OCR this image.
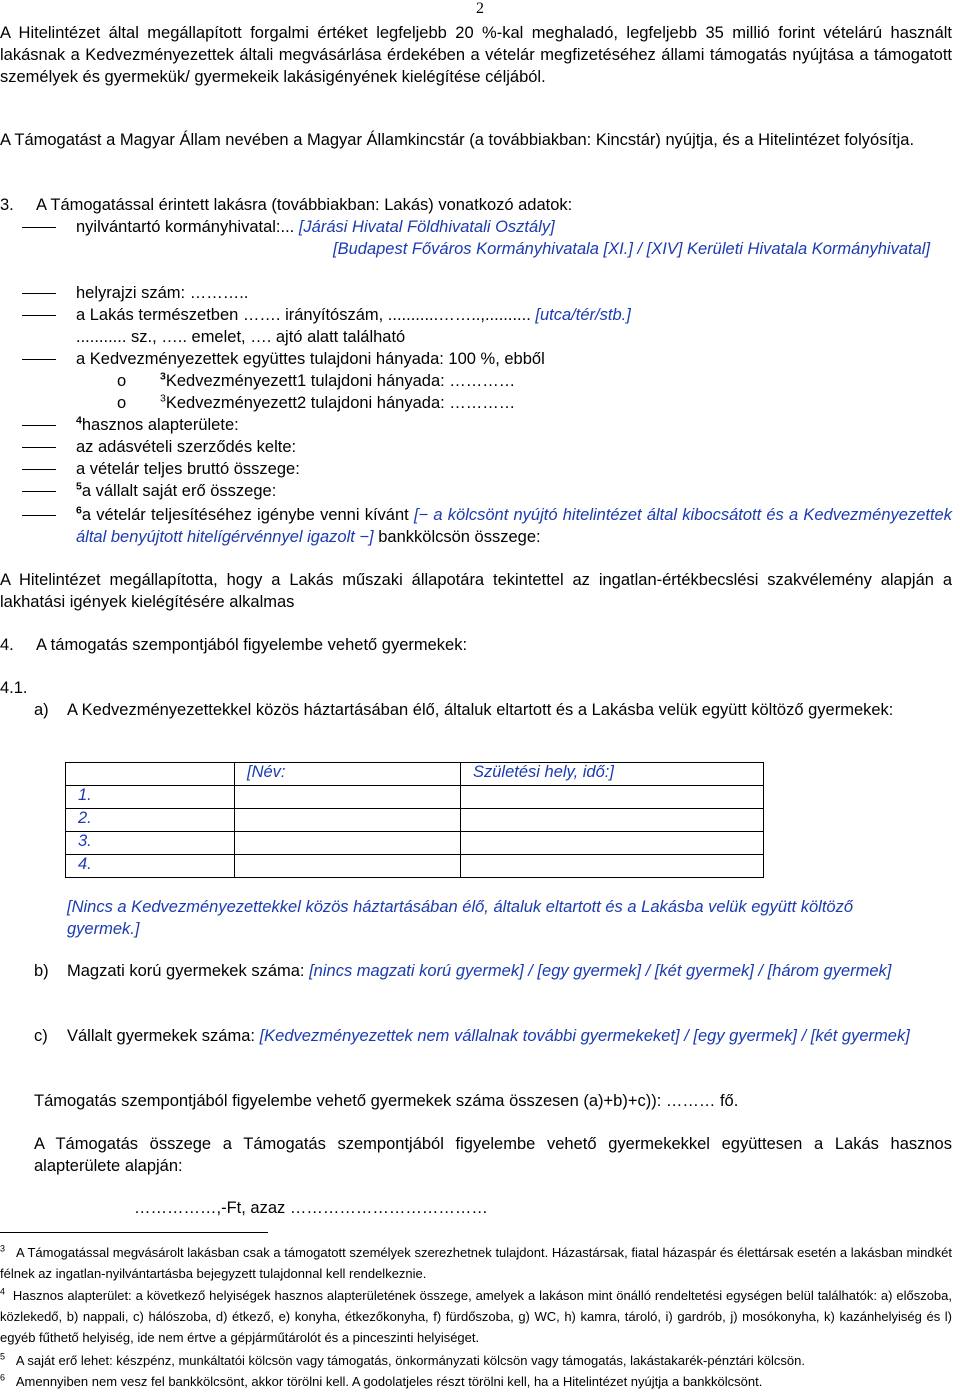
2
A Hitelintézet által megállapított forgalmi értéket legfeljebb 20 %-kal meghaladó, legfeljebb 35 millió forint vételárú használt lakásnak a Kedvezményezettek általi megvásárlása érdekében a vételár megfizetéséhez állami támogatás nyújtása a támogatott személyek és gyermekük/ gyermekeik lakásigényének kielégítése céljából.
A Támogatást a Magyar Állam nevében a Magyar Államkincstár (a továbbiakban: Kincstár) nyújtja, és a Hitelintézet folyósítja.
3. A Támogatással érintett lakásra (továbbiakban: Lakás) vonatkozó adatok:
nyilvántartó kormányhivatal:... [Járási Hivatal Földhivatali Osztály]
[Budapest Főváros Kormányhivatala [XI.] / [XIV] Kerületi Hivatala Kormányhivatal]
helyrajzi szám: ………..
a Lakás természetben ……. irányítószám, ...........……..,.......... [utca/tér/stb.]
........... sz., ….. emelet, …. ajtó alatt található
a Kedvezményezettek együttes tulajdoni hányada: 100 %, ebből
o	$^3$Kedvezményezett1 tulajdoni hányada: …………
o	$^3$Kedvezményezett2 tulajdoni hányada: …………
$^4$hasznos alapterülete:
az adásvételi szerződés kelte:
a vételár teljes bruttó összege:
$^5$a vállalt saját erő összege:
$^6$a vételár teljesítéséhez igénybe venni kívánt [− a kölcsönt nyújtó hitelintézet által kibocsátott és a Kedvezményezettek által benyújtott hitelígérvénnyel igazolt −] bankkölcsön összege:
A Hitelintézet megállapította, hogy a Lakás műszaki állapotára tekintettel az ingatlan-értékbecslési szakvélemény alapján a lakhatási igények kielégítésére alkalmas
4. A támogatás szempontjából figyelembe vehető gyermekek:
4.1.
a) A Kedvezményezettekkel közös háztartásában élő, általuk eltartott és a Lakásba velük együtt költöző gyermekek:
	[Név:	Születési hely, idő:]
1.		
2.		
3.		
4.		
[Nincs a Kedvezményezettekkel közös háztartásában élő, általuk eltartott és a Lakásba velük együtt költöző gyermek.]
b) Magzati korú gyermekek száma: [nincs magzati korú gyermek] / [egy gyermek] / [két gyermek] / [három gyermek]
c) Vállalt gyermekek száma: [Kedvezményezettek nem vállalnak további gyermekeket] / [egy gyermek] / [két gyermek]
Támogatás szempontjából figyelembe vehető gyermekek száma összesen (a)+b)+c)): ……… fő.
A Támogatás összege a Támogatás szempontjából figyelembe vehető gyermekekkel együttesen a Lakás hasznos alapterülete alapján:
……………,-Ft, azaz ………………………………
$^3$ A Támogatással megvásárolt lakásban csak a támogatott személyek szerezhetnek tulajdont. Házastársak, fiatal házaspár és élettársak esetén a lakásban mindkét félnek az ingatlan-nyilvántartásba bejegyzett tulajdonnal kell rendelkeznie.
$^4$ Hasznos alapterület: a következő helyiségek hasznos alapterületének összege, amelyek a lakáson mint önálló rendeltetési egységen belül találhatók: a) előszoba, közlekedő, b) nappali, c) hálószoba, d) étkező, e) konyha, étkezőkonyha, f) fürdőszoba, g) WC, h) kamra, tároló, i) gardrób, j) mosókonyha, k) kazánhelyiség és l) egyéb fűthető helyiség, ide nem értve a gépjárműtárolót és a pinceszinti helyiséget.
$^5$ A saját erő lehet: készpénz, munkáltatói kölcsön vagy támogatás, önkormányzati kölcsön vagy támogatás, lakástakarék-pénztári kölcsön.
$^6$ Amennyiben nem vesz fel bankkölcsönt, akkor törölni kell. A godolatjeles részt törölni kell, ha a Hitelintézet nyújtja a bankkölcsönt.
